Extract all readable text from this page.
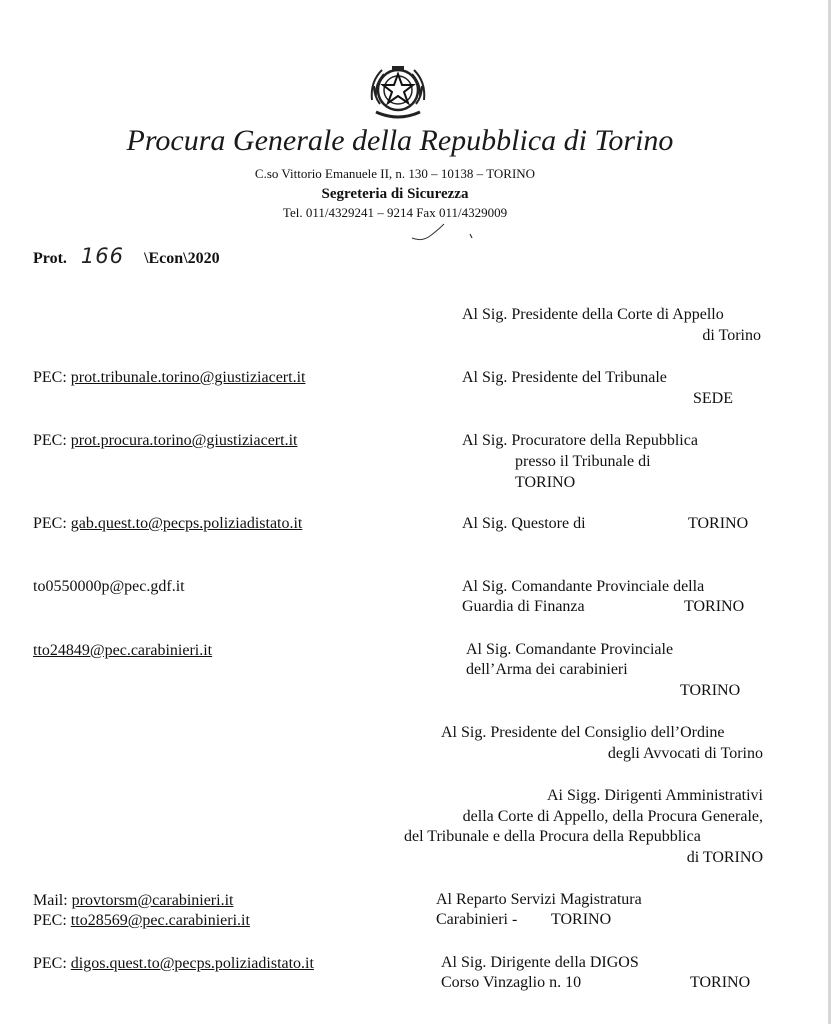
Procura Generale della Repubblica di Torino
C.so Vittorio Emanuele II, n. 130 – 10138 – TORINO
Segreteria di Sicurezza
Tel. 011/4329241 – 9214 Fax 011/4329009
Prot. 166 \Econ\2020
Al Sig. Presidente della Corte di Appello
di Torino
PEC: prot.tribunale.torino@giustiziacert.it	Al Sig. Presidente del Tribunale
SEDE
PEC: prot.procura.torino@giustiziacert.it	Al Sig. Procuratore della Repubblica
presso il Tribunale di
TORINO
PEC: gab.quest.to@pecps.poliziadistato.it	Al Sig. Questore di	TORINO
to0550000p@pec.gdf.it	Al Sig. Comandante Provinciale della
Guardia di Finanza	TORINO
tto24849@pec.carabinieri.it	Al Sig. Comandante Provinciale
dell’Arma dei carabinieri
TORINO
Al Sig. Presidente del Consiglio dell’Ordine
degli Avvocati di Torino
Ai Sigg. Dirigenti Amministrativi
della Corte di Appello, della Procura Generale,
del Tribunale e della Procura della Repubblica
di TORINO
Mail: provtorsm@carabinieri.it
PEC: tto28569@pec.carabinieri.it
Al Reparto Servizi Magistratura
Carabinieri - TORINO
PEC: digos.quest.to@pecps.poliziadistato.it	Al Sig. Dirigente della DIGOS
Corso Vinzaglio n. 10	TORINO
